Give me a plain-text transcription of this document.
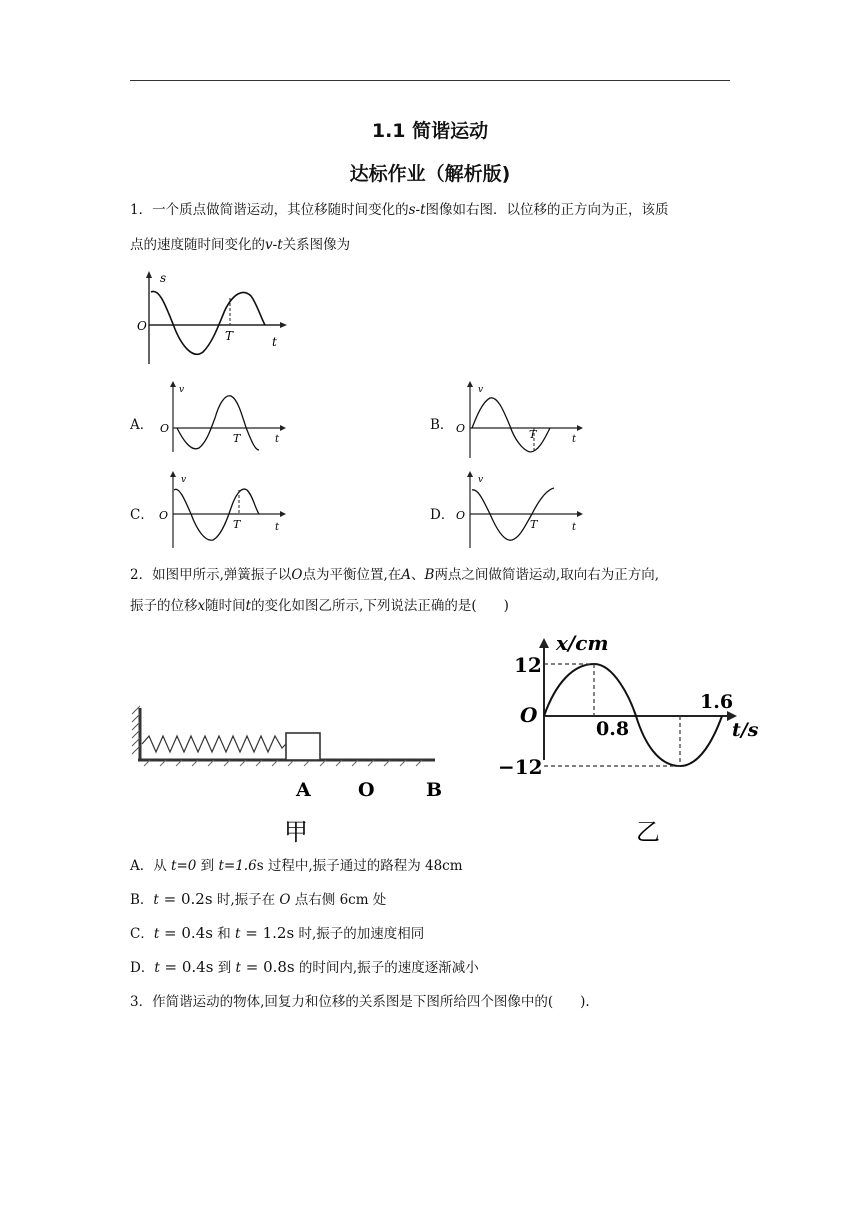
1.1 简谐运动
达标作业（解析版)
1．一个质点做简谐运动，其位移随时间变化的s-t图像如右图．以位移的正方向为正，该质
点的速度随时间变化的v-t关系图像为
s
O
T	t
A．
v
O
T	t
B．
v
O	T	t
C．
v
O
T	t
D．
v
O
T	t
2．如图甲所示,弹簧振子以O点为平衡位置,在A、B两点之间做简谐运动,取向右为正方向,
振子的位移x随时间t的变化如图乙所示,下列说法正确的是(　　)
A O	B
甲
x/cm
12
O
−12
0.8
1.6
t/s
乙
A．从 t=0 到 t=1.6s 过程中,振子通过的路程为 48cm
B．t = 0.2s 时,振子在 O 点右侧 6cm 处
C．t = 0.4s 和 t = 1.2s 时,振子的加速度相同
D．t = 0.4s 到 t = 0.8s 的时间内,振子的速度逐渐减小
3．作简谐运动的物体,回复力和位移的关系图是下图所给四个图像中的(　　).
